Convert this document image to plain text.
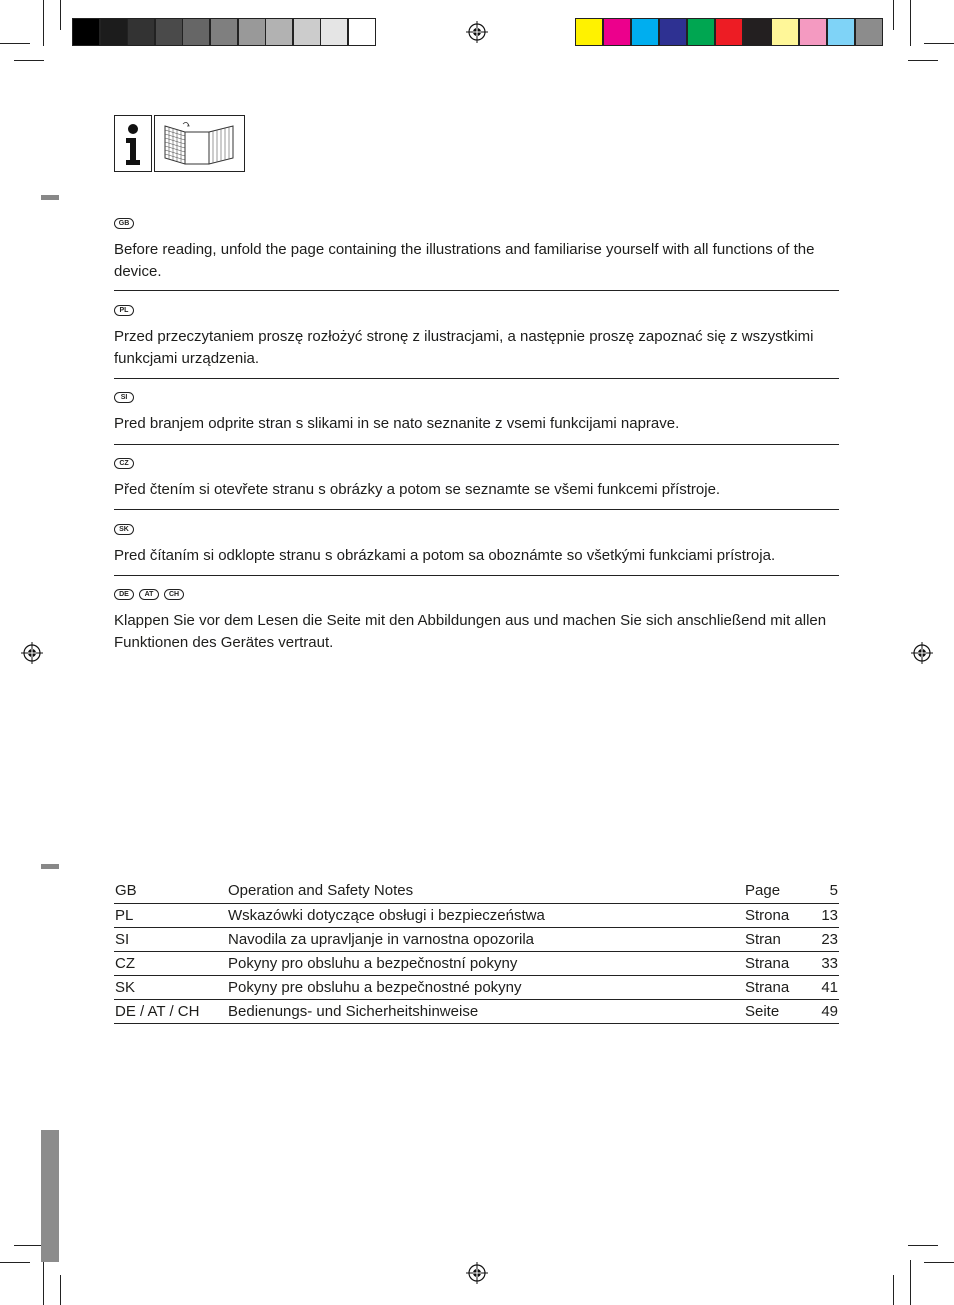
GB
Before reading, unfold the page containing the illustrations and familiarise yourself with all functions of the device.
PL
Przed przeczytaniem proszę rozłożyć stronę z ilustracjami, a następnie proszę zapoznać się z wszystkimi funkcjami urządzenia.
SI
Pred branjem odprite stran s slikami in se nato seznanite z vsemi funkcijami naprave.
CZ
Před čtením si otevřete stranu s obrázky a potom se seznamte se všemi funkcemi přístroje.
SK
Pred čítaním si odklopte stranu s obrázkami a potom sa oboznámte so všetkými funkciami prístroja.
DE AT CH
Klappen Sie vor dem Lesen die Seite mit den Abbildungen aus und machen Sie sich anschließend mit allen Funktionen des Gerätes vertraut.
GB	Operation and Safety Notes	Page	5
PL	Wskazówki dotyczące obsługi i bezpieczeństwa	Strona	13
SI	Navodila za upravljanje in varnostna opozorila	Stran	23
CZ	Pokyny pro obsluhu a bezpečnostní pokyny	Strana	33
SK	Pokyny pre obsluhu a bezpečnostné pokyny	Strana	41
DE / AT / CH	Bedienungs- und Sicherheitshinweise	Seite	49
